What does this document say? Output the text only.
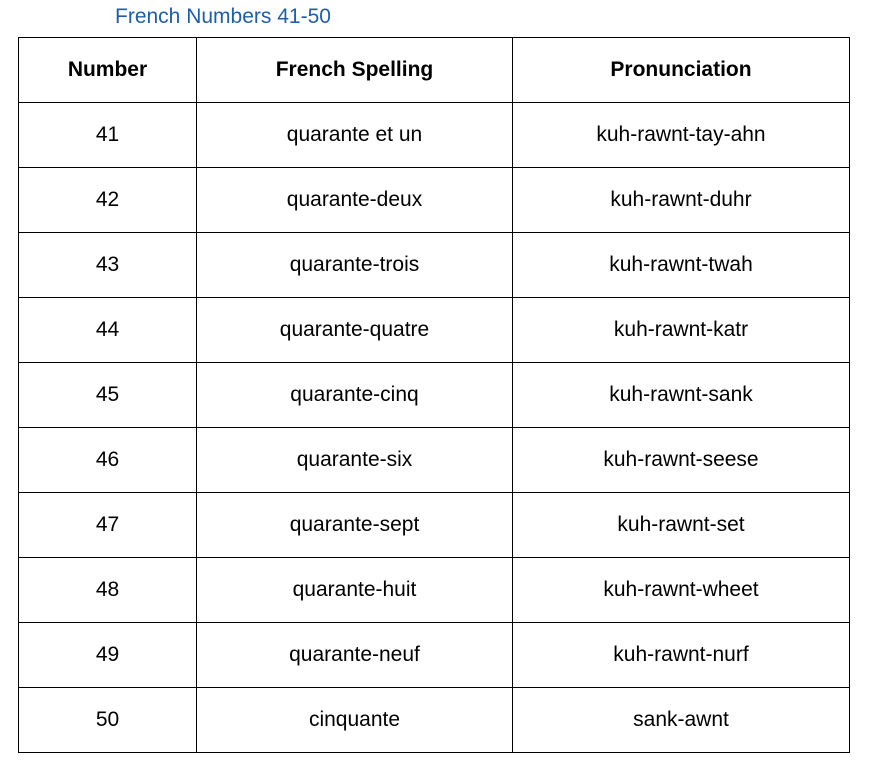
French Numbers 41-50
Number	French Spelling	Pronunciation
41	quarante et un	kuh-rawnt-tay-ahn
42	quarante-deux	kuh-rawnt-duhr
43	quarante-trois	kuh-rawnt-twah
44	quarante-quatre	kuh-rawnt-katr
45	quarante-cinq	kuh-rawnt-sank
46	quarante-six	kuh-rawnt-seese
47	quarante-sept	kuh-rawnt-set
48	quarante-huit	kuh-rawnt-wheet
49	quarante-neuf	kuh-rawnt-nurf
50	cinquante	sank-awnt
